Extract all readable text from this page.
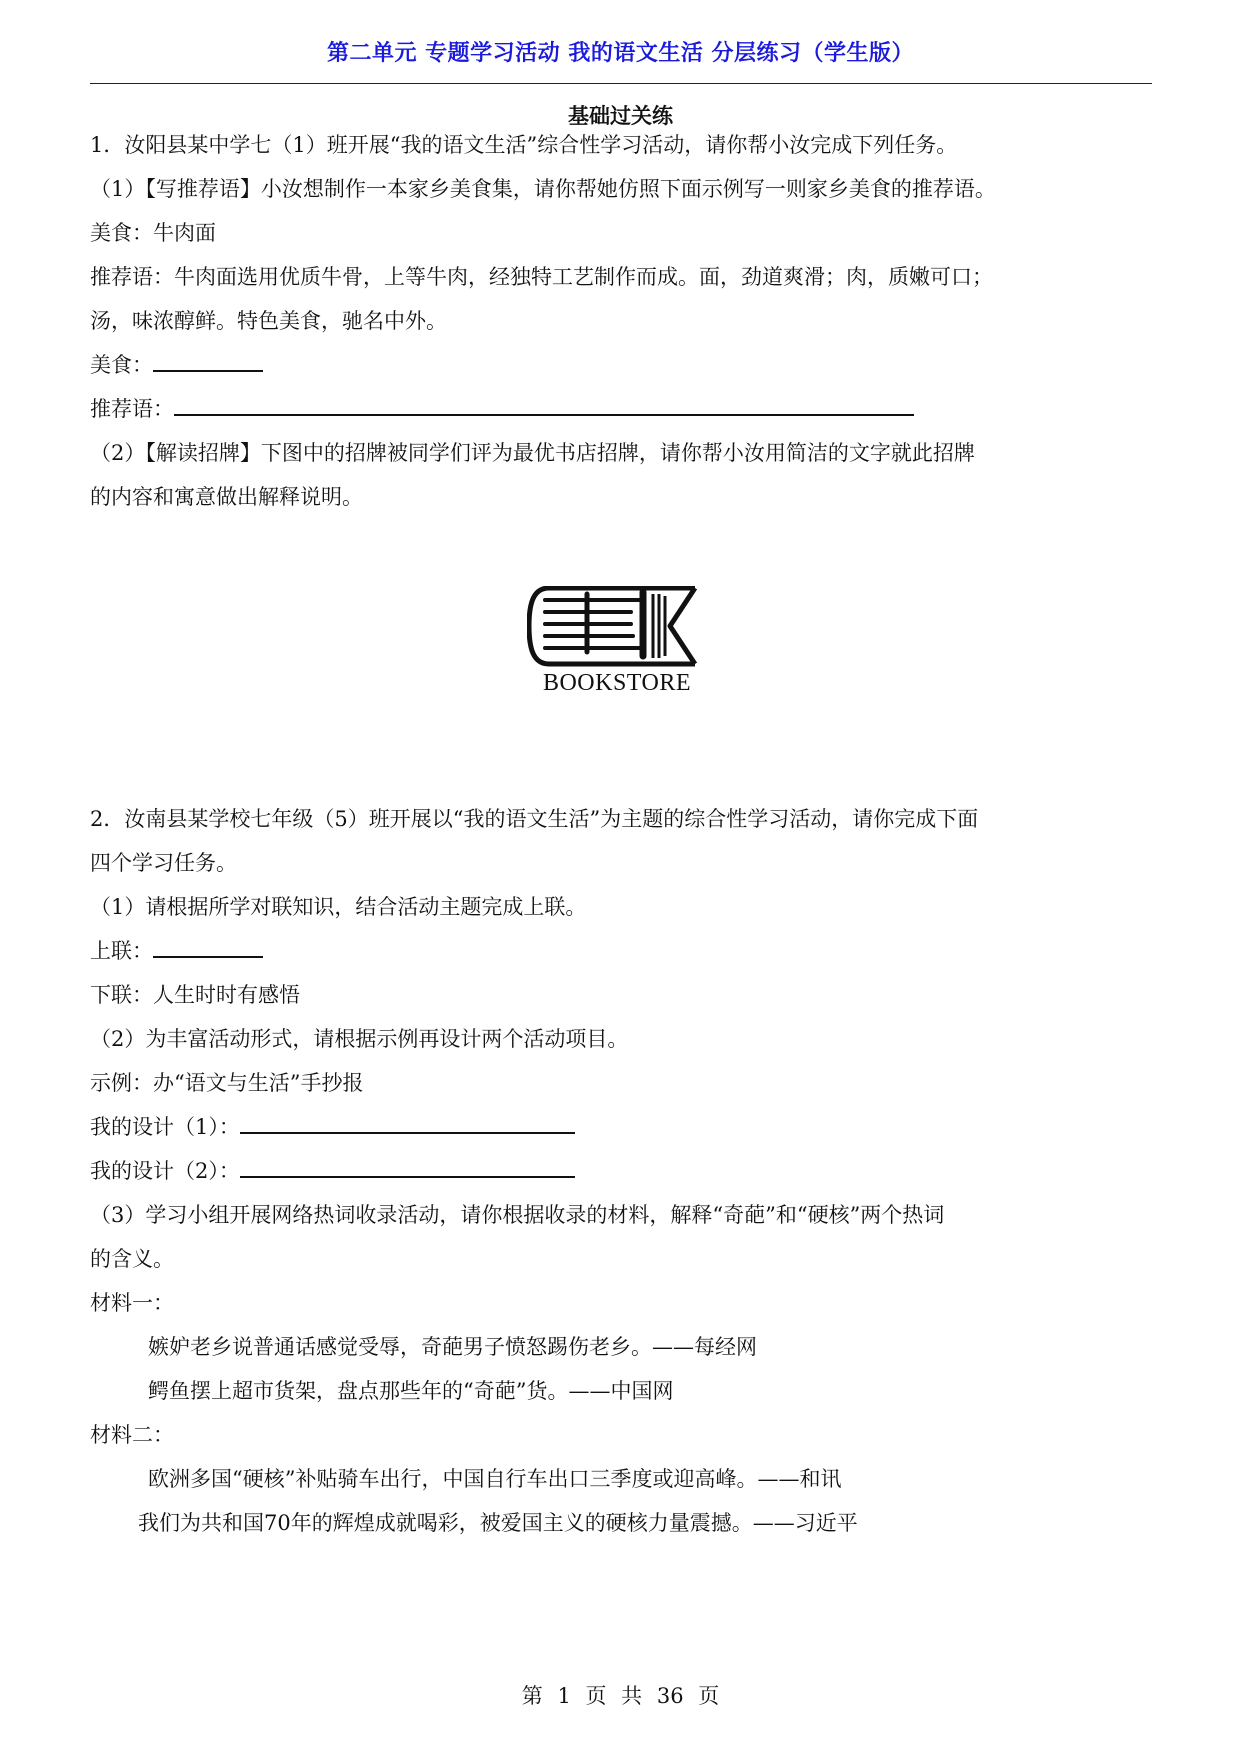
第二单元 专题学习活动 我的语文生活 分层练习（学生版）
基础过关练
1．汝阳县某中学七（1）班开展“我的语文生活”综合性学习活动，请你帮小汝完成下列任务。
（1）【写推荐语】小汝想制作一本家乡美食集，请你帮她仿照下面示例写一则家乡美食的推荐语。
美食：牛肉面
推荐语：牛肉面选用优质牛骨，上等牛肉，经独特工艺制作而成。面，劲道爽滑；肉，质嫩可口；
汤，味浓醇鲜。特色美食，驰名中外。
美食：
推荐语：
（2）【解读招牌】下图中的招牌被同学们评为最优书店招牌，请你帮小汝用简洁的文字就此招牌
的内容和寓意做出解释说明。
BOOKSTORE
2．汝南县某学校七年级（5）班开展以“我的语文生活”为主题的综合性学习活动，请你完成下面
四个学习任务。
（1）请根据所学对联知识，结合活动主题完成上联。
上联：
下联：人生时时有感悟
（2）为丰富活动形式，请根据示例再设计两个活动项目。
示例：办“语文与生活”手抄报
我的设计（1）：
我的设计（2）：
（3）学习小组开展网络热词收录活动，请你根据收录的材料，解释“奇葩”和“硬核”两个热词
的含义。
材料一：
嫉妒老乡说普通话感觉受辱，奇葩男子愤怒踢伤老乡。——每经网
鳄鱼摆上超市货架，盘点那些年的“奇葩”货。——中国网
材料二：
欧洲多国“硬核”补贴骑车出行，中国自行车出口三季度或迎高峰。——和讯
我们为共和国70年的辉煌成就喝彩，被爱国主义的硬核力量震撼。——习近平
第 1 页 共 36 页
